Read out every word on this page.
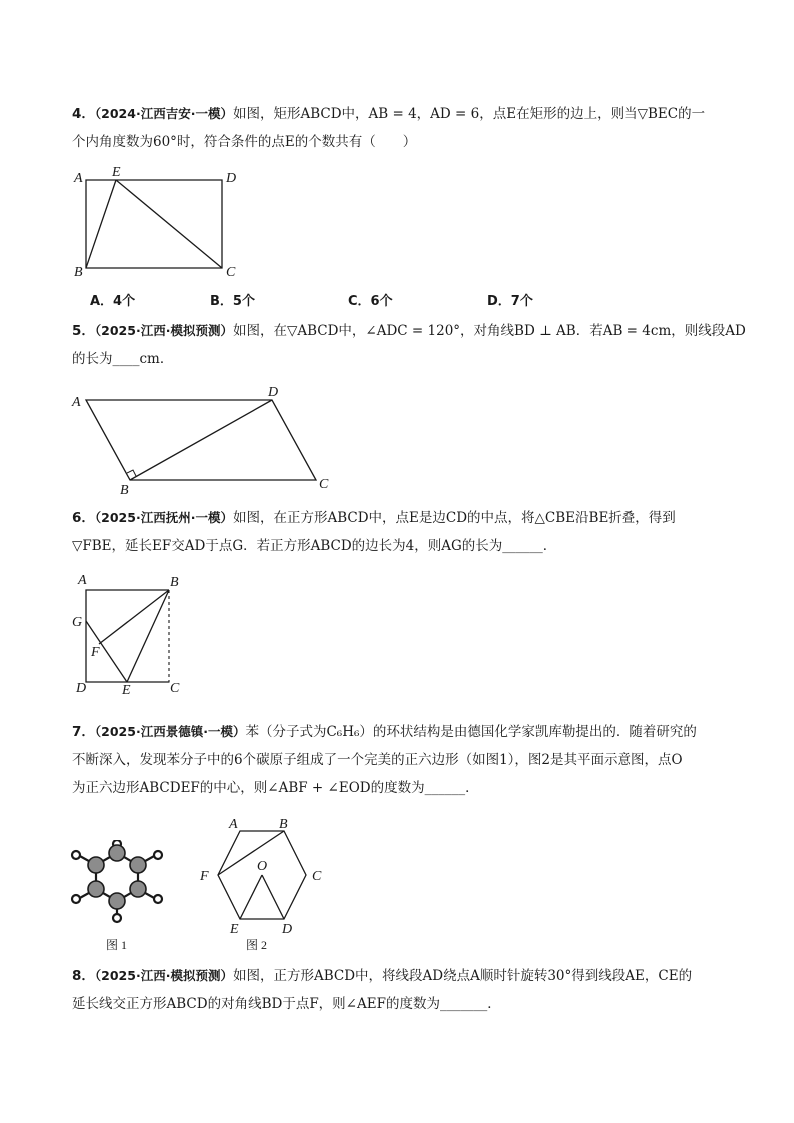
4．（2024·江西吉安·一模）如图，矩形ABCD中，AB = 4，AD = 6，点E在矩形的边上，则当▽BEC的一
个内角度数为60°时，符合条件的点E的个数共有（　　）
A E	D
B	C
A．4个	B．5个	C．6个	D．7个
5．（2025·江西·模拟预测）如图，在▽ABCD中，∠ADC = 120°，对角线BD ⊥ AB．若AB = 4cm，则线段AD
的长为____cm．
A
D
B	C
6．（2025·江西抚州·一模）如图，在正方形ABCD中，点E是边CD的中点，将△CBE沿BE折叠，得到
▽FBE，延长EF交AD于点G．若正方形ABCD的边长为4，则AG的长为______．
A	B
G
F
D	E	C
7．（2025·江西景德镇·一模）苯（分子式为C₆H₆）的环状结构是由德国化学家凯库勒提出的．随着研究的
不断深入，发现苯分子中的6个碳原子组成了一个完美的正六边形（如图1），图2是其平面示意图，点O
为正六边形ABCDEF的中心，则∠ABF + ∠EOD的度数为______．
图 1
A	B
C
D
E
F
O
图 2
8．（2025·江西·模拟预测）如图，正方形ABCD中，将线段AD绕点A顺时针旋转30°得到线段AE，CE的
延长线交正方形ABCD的对角线BD于点F，则∠AEF的度数为_______．
